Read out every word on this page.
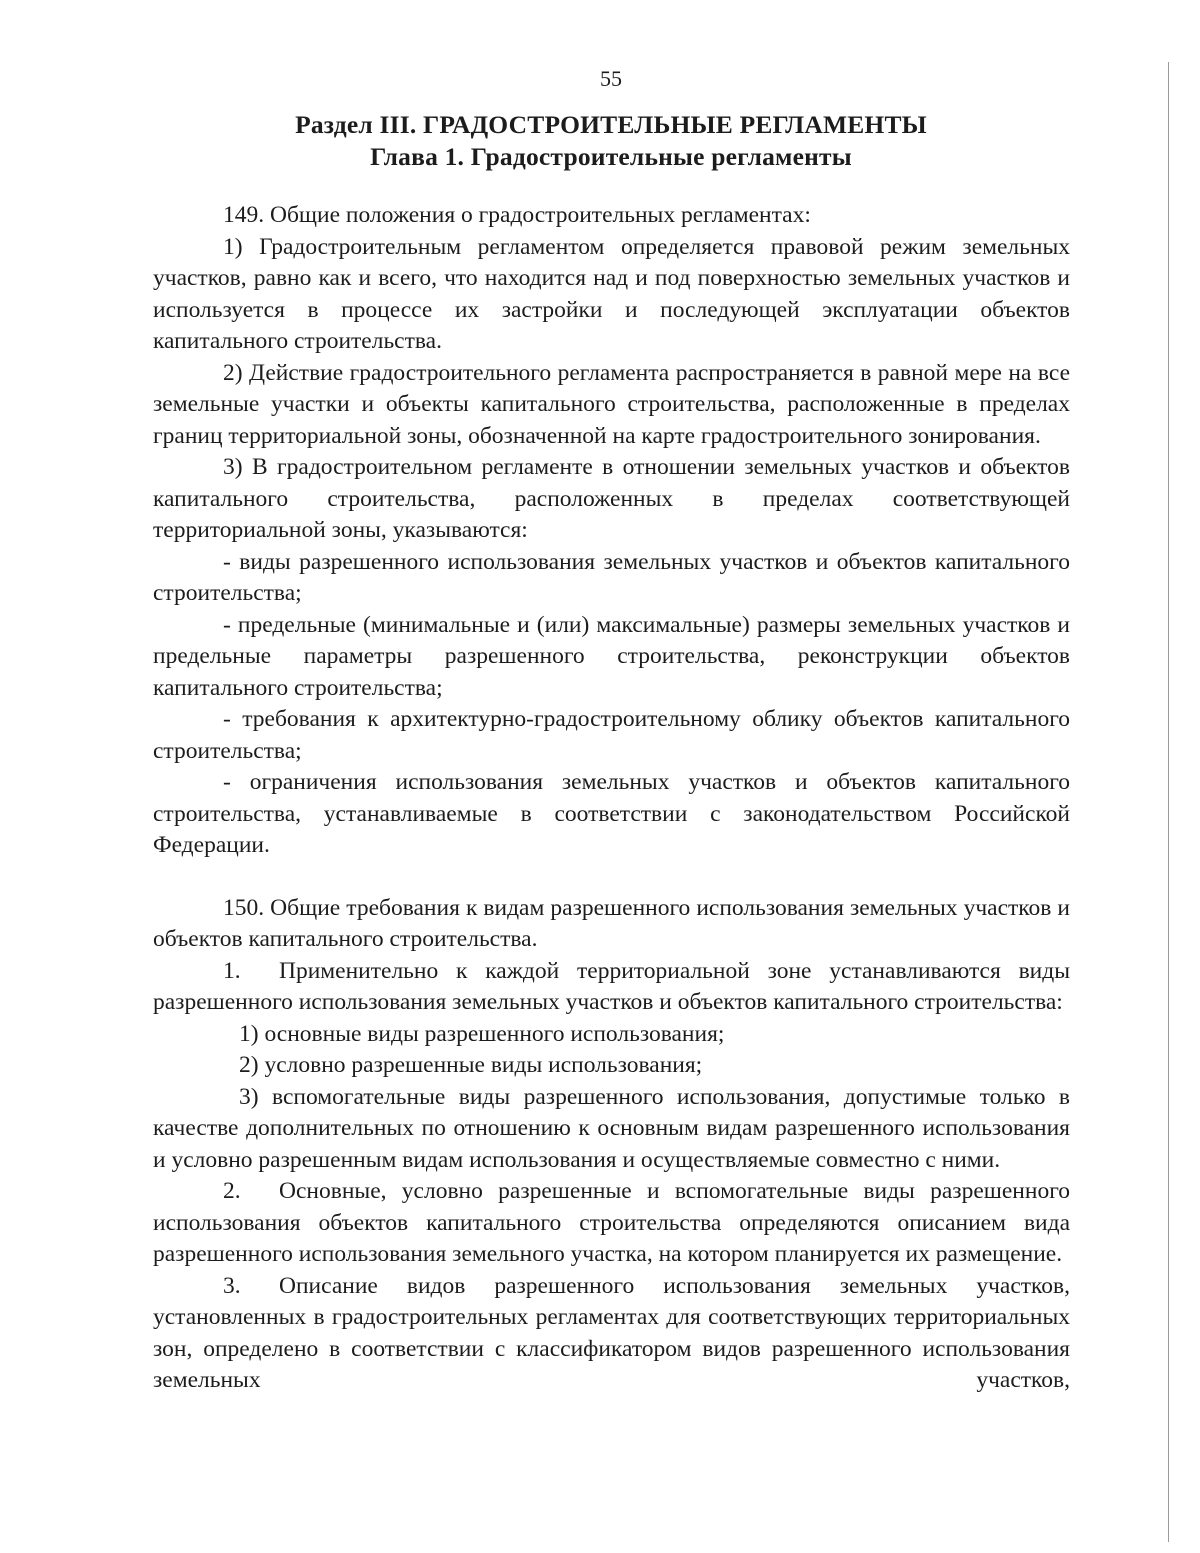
55
Раздел III. ГРАДОСТРОИТЕЛЬНЫЕ РЕГЛАМЕНТЫ
Глава 1. Градостроительные регламенты

149. Общие положения о градостроительных регламентах:

1) Градостроительным регламентом определяется правовой режим земельных участков, равно как и всего, что находится над и под поверхностью земельных участков и используется в процессе их застройки и последующей эксплуатации объектов капитального строительства.

2) Действие градостроительного регламента распространяется в равной мере на все земельные участки и объекты капитального строительства, расположенные в пределах границ территориальной зоны, обозначенной на карте градостроительного зонирования.

3) В градостроительном регламенте в отношении земельных участков и объектов капитального строительства, расположенных в пределах соответствующей территориальной зоны, указываются:

- виды разрешенного использования земельных участков и объектов капитального строительства;

- предельные (минимальные и (или) максимальные) размеры земельных участков и предельные параметры разрешенного строительства, реконструкции объектов капитального строительства;

- требования к архитектурно-градостроительному облику объектов капитального строительства;

- ограничения использования земельных участков и объектов капитального строительства, устанавливаемые в соответствии с законодательством Российской Федерации.

150. Общие требования к видам разрешенного использования земельных участков и объектов капитального строительства.

1. Применительно к каждой территориальной зоне устанавливаются виды разрешенного использования земельных участков и объектов капитального строительства:

1) основные виды разрешенного использования;

2) условно разрешенные виды использования;

3) вспомогательные виды разрешенного использования, допустимые только в качестве дополнительных по отношению к основным видам разрешенного использования и условно разрешенным видам использования и осуществляемые совместно с ними.

2. Основные, условно разрешенные и вспомогательные виды разрешенного использования объектов капитального строительства определяются описанием вида разрешенного использования земельного участка, на котором планируется их размещение.

3. Описание видов разрешенного использования земельных участков, установленных в градостроительных регламентах для соответствующих территориальных зон, определено в соответствии с классификатором видов разрешенного использования земельных участков,
